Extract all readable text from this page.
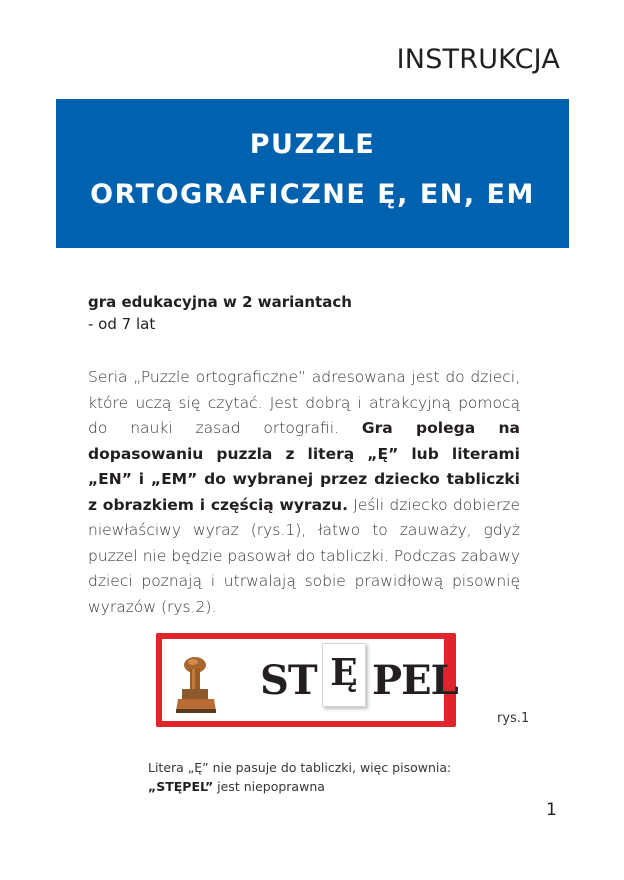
INSTRUKCJA
PUZZLE
ORTOGRAFICZNE Ę, EN, EM
gra edukacyjna w 2 wariantach
- od 7 lat
Seria „Puzzle ortograficzne” adresowana jest do dzieci, które uczą się czytać. Jest dobrą i atrakcyjną pomocą do nauki zasad ortografii. Gra polega na dopasowaniu puzzla z literą „Ę” lub literami „EN” i „EM” do wybranej przez dziecko tabliczki z obrazkiem i częścią wyrazu. Jeśli dziecko dobierze niewłaściwy wyraz (rys.1), łatwo to zauważy, gdyż puzzel nie będzie pasował do tabliczki. Podczas zabawy dzieci poznają i utrwalają sobie prawidłową pisownię wyrazów (rys.2).
ST Ę PEL
rys.1
Litera „Ę” nie pasuje do tabliczki, więc pisownia:
„STĘPEL” jest niepoprawna
1
